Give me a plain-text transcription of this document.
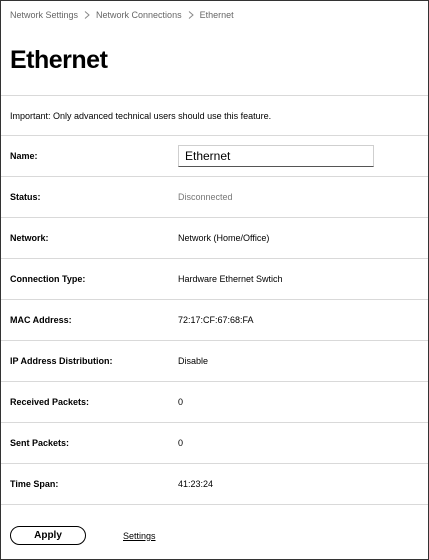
Network Settings Network Connections Ethernet
Ethernet
Important: Only advanced technical users should use this feature.
Name:
Ethernet
Status:	Disconnected
Network:	Network (Home/Office)
Connection Type:	Hardware Ethernet Swtich
MAC Address:	72:17:CF:67:68:FA
IP Address Distribution:	Disable
Received Packets:	0
Sent Packets:	0
Time Span:	41:23:24
Apply	Settings
